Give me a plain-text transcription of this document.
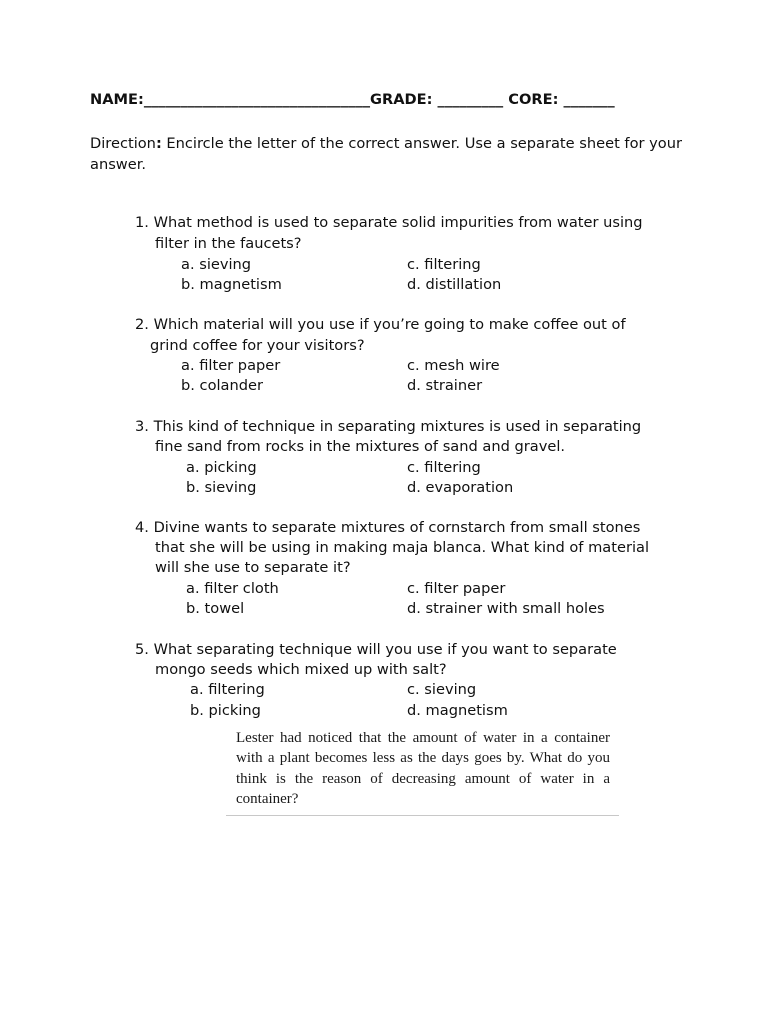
NAME:_______________________________GRADE: _________ CORE: _______
Direction: Encircle the letter of the correct answer. Use a separate sheet for your answer.
1. What method is used to separate solid impurities from water using
filter in the faucets?
a. sieving
b. magnetism
c. filtering
d. distillation
2. Which material will you use if you’re going to make coffee out of
grind coffee for your visitors?
a. filter paper
b. colander
c. mesh wire
d. strainer
3. This kind of technique in separating mixtures is used in separating
fine sand from rocks in the mixtures of sand and gravel.
a. picking
b. sieving
c. filtering
d. evaporation
4. Divine wants to separate mixtures of cornstarch from small stones
that she will be using in making maja blanca. What kind of material
will she use to separate it?
a. filter cloth
b. towel
c. filter paper
d. strainer with small holes
5. What separating technique will you use if you want to separate
mongo seeds which mixed up with salt?
a. filtering
b. picking
c. sieving
d. magnetism
Lester had noticed that the amount of water in a container with a plant becomes less as the days goes by. What do you think is the reason of decreasing amount of water in a container?
